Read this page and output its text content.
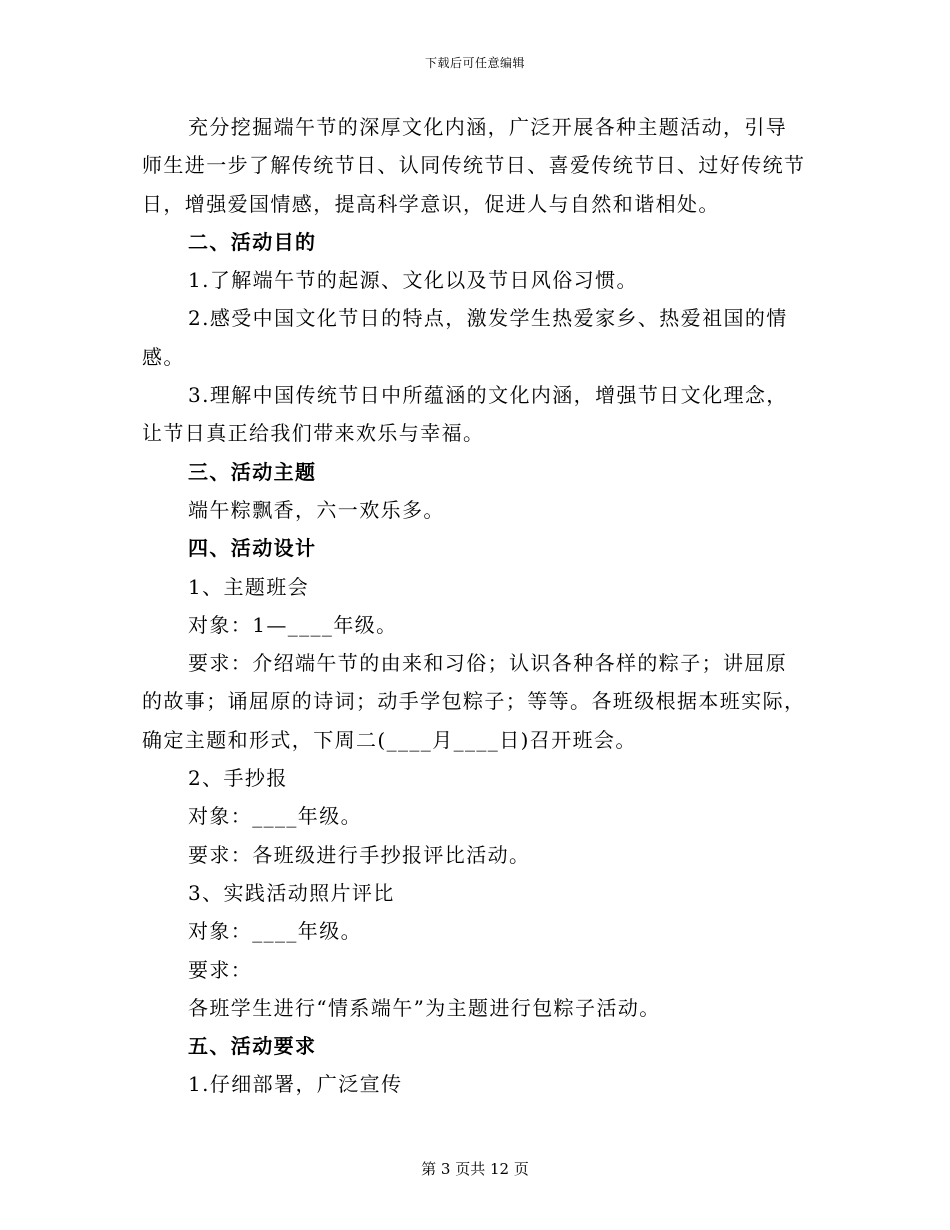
下载后可任意编辑

充分挖掘端午节的深厚文化内涵，广泛开展各种主题活动，引导师生进一步了解传统节日、认同传统节日、喜爱传统节日、过好传统节日，增强爱国情感，提高科学意识，促进人与自然和谐相处。

二、活动目的

1.了解端午节的起源、文化以及节日风俗习惯。

2.感受中国文化节日的特点，激发学生热爱家乡、热爱祖国的情感。

3.理解中国传统节日中所蕴涵的文化内涵，增强节日文化理念，让节日真正给我们带来欢乐与幸福。

三、活动主题

端午粽飘香，六一欢乐多。

四、活动设计

1、主题班会

对象：1—____年级。

要求：介绍端午节的由来和习俗；认识各种各样的粽子；讲屈原的故事；诵屈原的诗词；动手学包粽子；等等。各班级根据本班实际，确定主题和形式，下周二(____月____日)召开班会。

2、手抄报

对象：____年级。

要求：各班级进行手抄报评比活动。

3、实践活动照片评比

对象：____年级。

要求：

各班学生进行“情系端午”为主题进行包粽子活动。

五、活动要求

1.仔细部署，广泛宣传

第 3 页共 12 页
